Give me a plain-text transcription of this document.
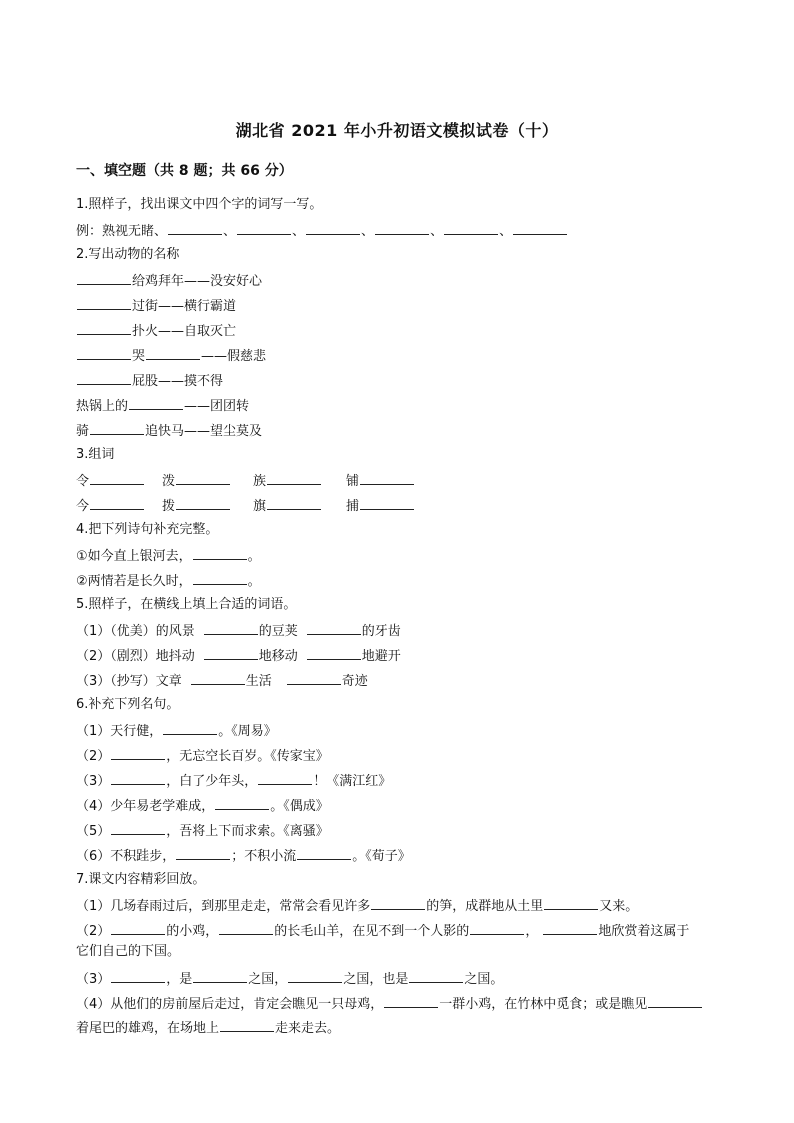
湖北省 2021 年小升初语文模拟试卷（十）
一、填空题（共 8 题；共 66 分）
1.照样子，找出课文中四个字的词写一写。
例：熟视无睹、	、	、	、	、	、
2.写出动物的名称
给鸡拜年——没安好心
过街——横行霸道
扑火——自取灭亡
哭	——假慈悲
屁股——摸不得
热锅上的	——团团转
骑	追快马——望尘莫及
3.组词
令	泼	族	铺
今	拨	旗	捕
4.把下列诗句补充完整。
①如今直上银河去，	。
②两情若是长久时，	。
5.照样子，在横线上填上合适的词语。
（1）（优美）的风景	的豆荚	的牙齿
（2）（剧烈）地抖动	地移动	地避开
（3）（抄写）文章	生活	奇迹
6.补充下列名句。
（1）天行健，	。《周易》
（2）	，无忘空长百岁。《传家宝》
（3）	，白了少年头，	！《满江红》
（4）少年易老学难成，	。《偶成》
（5）	，吾将上下而求索。《离骚》
（6）不积跬步，	；不积小流	。《荀子》
7.课文内容精彩回放。
（1）几场春雨过后，到那里走走，常常会看见许多	的笋，成群地从土里	又来。
（2）	的小鸡，	的长毛山羊，在见不到一个人影的	，	地欣赏着这属于
它们自己的下国。
（3）	，是	之国，	之国，也是	之国。
（4）从他们的房前屋后走过，肯定会瞧见一只母鸡，	一群小鸡，在竹林中觅食；或是瞧见
着尾巴的雄鸡，在场地上	走来走去。
